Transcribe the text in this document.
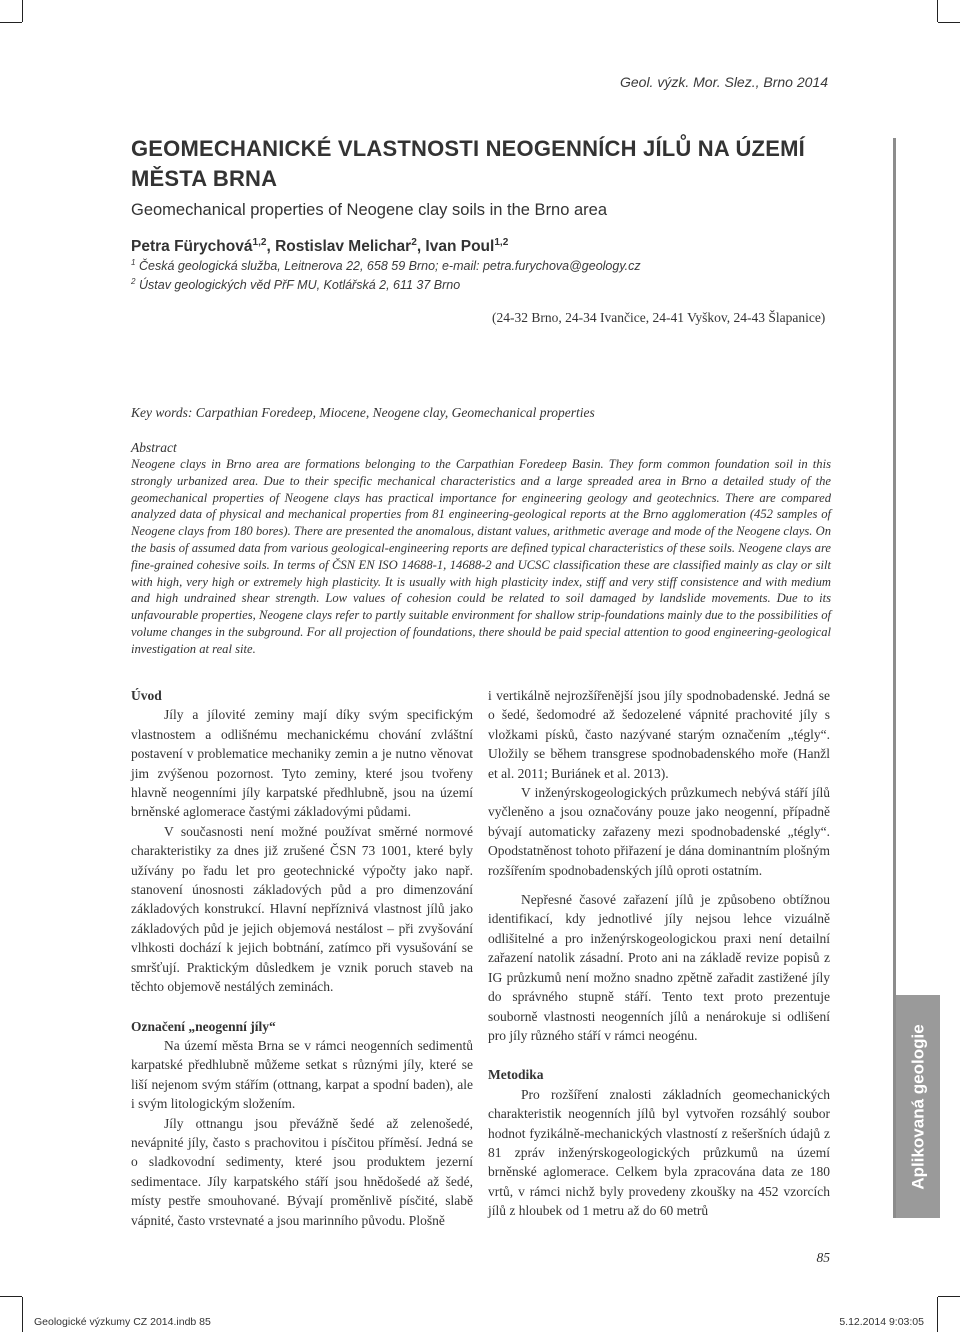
Geol. výzk. Mor. Slez., Brno 2014
GEOMECHANICKÉ VLASTNOSTI NEOGENNÍCH JÍLŮ NA ÚZEMÍ MĚSTA BRNA
Geomechanical properties of Neogene clay soils in the Brno area
Petra Fürychová$^{1,2}$, Rostislav Melichar$^2$, Ivan Poul$^{1,2}$
$^1$ Česká geologická služba, Leitnerova 22, 658 59 Brno; e-mail: petra.furychova@geology.cz
$^2$ Ústav geologických věd PřF MU, Kotlářská 2, 611 37 Brno
(24-32 Brno, 24-34 Ivančice, 24-41 Vyškov, 24-43 Šlapanice)
Key words: Carpathian Foredeep, Miocene, Neogene clay, Geomechanical properties
Abstract
Neogene clays in Brno area are formations belonging to the Carpathian Foredeep Basin. They form common foundation soil in this strongly urbanized area. Due to their specific mechanical characteristics and a large spreaded area in Brno a detailed study of the geomechanical properties of Neogene clays has practical importance for engineering geology and geotechnics. There are compared analyzed data of physical and mechanical properties from 81 engineering-geological reports at the Brno agglomeration (452 samples of Neogene clays from 180 bores). There are presented the anomalous, distant values, arithmetic average and mode of the Neogene clays. On the basis of assumed data from various geological-engineering reports are defined typical characteristics of these soils. Neogene clays are fine-grained cohesive soils. In terms of ČSN EN ISO 14688-1, 14688-2 and UCSC classification these are classified mainly as clay or silt with high, very high or extremely high plasticity. It is usually with high plasticity index, stiff and very stiff consistence and with medium and high undrained shear strength. Low values of cohesion could be related to soil damaged by landslide movements. Due to its unfavourable properties, Neogene clays refer to partly suitable environment for shallow strip-foundations mainly due to the possibilities of volume changes in the subground. For all projection of foundations, there should be paid special attention to good engineering-geological investigation at real site.
Úvod

Jíly a jílovité zeminy mají díky svým specifickým vlastnostem a odlišnému mechanickému chování zvláštní postavení v problematice mechaniky zemin a je nutno věnovat jim zvýšenou pozornost. Tyto zeminy, které jsou tvořeny hlavně neogenními jíly karpatské předhlubně, jsou na území brněnské aglomerace častými základovými půdami.

V současnosti není možné používat směrné normové charakteristiky za dnes již zrušené ČSN 73 1001, které byly užívány po řadu let pro geotechnické výpočty jako např. stanovení únosnosti základových půd a pro dimenzování základových konstrukcí. Hlavní nepříznivá vlastnost jílů jako základových půd je jejich objemová nestálost – při zvyšování vlhkosti dochází k jejich bobtnání, zatímco při vysušování se smršťují. Praktickým důsledkem je vznik poruch staveb na těchto objemově nestálých zeminách.

Označení „neogenní jíly“

Na území města Brna se v rámci neogenních sedimentů karpatské předhlubně můžeme setkat s různými jíly, které se liší nejenom svým stářím (ottnang, karpat a spodní baden), ale i svým litologickým složením.

Jíly ottnangu jsou převážně šedé až zelenošedé, nevápnité jíly, často s prachovitou i písčitou příměsí. Jedná se o sladkovodní sedimenty, které jsou produktem jezerní sedimentace. Jíly karpatského stáří jsou hnědošedé až šedé, místy pestře smouhované. Bývají proměnlivě písčité, slabě vápnité, často vrstevnaté a jsou marinního původu. Plošně

i vertikálně nejrozšířenější jsou jíly spodnobadenské. Jedná se o šedé, šedomodré až šedozelené vápnité prachovité jíly s vložkami písků, často nazývané starým označením „tégly“. Uložily se během transgrese spodnobadenského moře (Hanžl et al. 2011; Buriánek et al. 2013).

V inženýrskogeologických průzkumech nebývá stáří jílů vyčleněno a jsou označovány pouze jako neogenní, případně bývají automaticky zařazeny mezi spodnobadenské „tégly“. Opodstatněnost tohoto přiřazení je dána dominantním plošným rozšířením spodnobadenských jílů oproti ostatním.

Nepřesné časové zařazení jílů je způsobeno obtížnou identifikací, kdy jednotlivé jíly nejsou lehce vizuálně odlišitelné a pro inženýrskogeologickou praxi není detailní zařazení natolik zásadní. Proto ani na základě revize popisů z IG průzkumů není možno snadno zpětně zařadit zastižené jíly do správného stupně stáří. Tento text proto prezentuje souborně vlastnosti neogenních jílů a nenárokuje si odlišení pro jíly různého stáří v rámci neogénu.

Metodika

Pro rozšíření znalosti základních geomechanických charakteristik neogenních jílů byl vytvořen rozsáhlý soubor hodnot fyzikálně-mechanických vlastností z rešeršních údajů z 81 zpráv inženýrskogeologických průzkumů na území brněnské aglomerace. Celkem byla zpracována data ze 180 vrtů, v rámci nichž byly provedeny zkoušky na 452 vzorcích jílů z hloubek od 1 metru až do 60 metrů

Aplikovaná geologie
85
Geologické výzkumy CZ 2014.indb 85	5.12.2014 9:03:05
